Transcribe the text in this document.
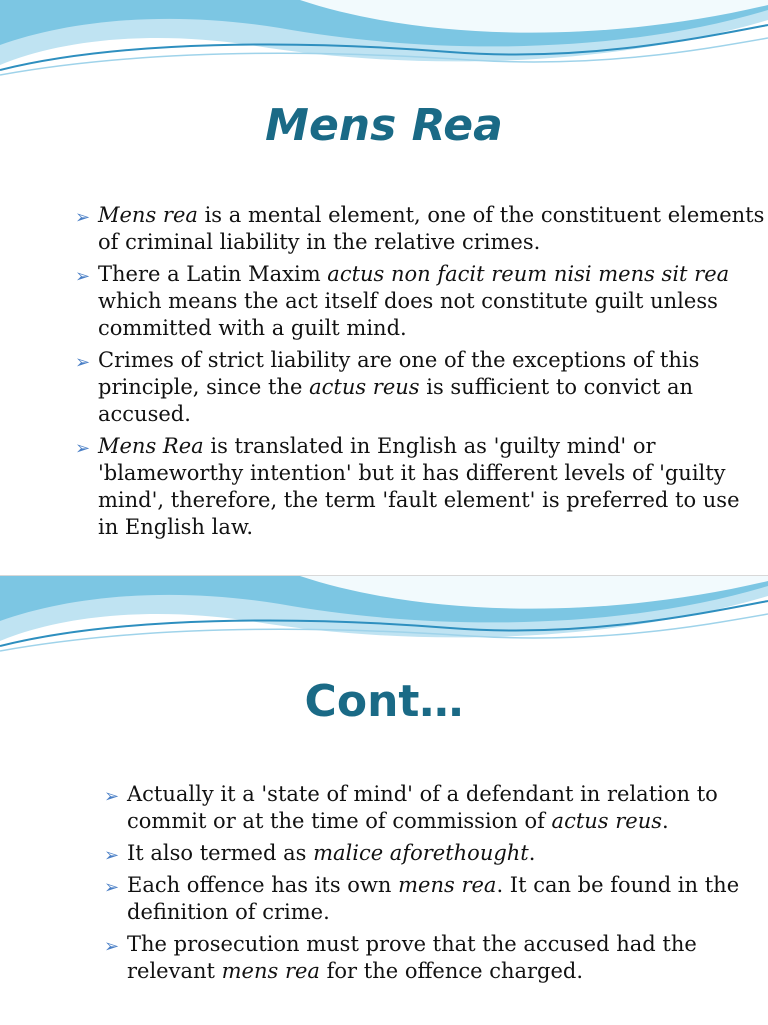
Mens Rea
➢ Mens rea is a mental element, one of the constituent elements of criminal liability in the relative crimes.
➢ There a Latin Maxim actus non facit reum nisi mens sit rea which means the act itself does not constitute guilt unless committed with a guilt mind.
➢ Crimes of strict liability are one of the exceptions of this principle, since the actus reus is sufficient to convict an accused.
➢ Mens Rea is translated in English as 'guilty mind' or 'blameworthy intention' but it has different levels of 'guilty mind', therefore, the term 'fault element' is preferred to use in English law.
Cont…
➢ Actually it a 'state of mind' of a defendant in relation to commit or at the time of commission of actus reus.
➢ It also termed as malice aforethought.
➢ Each offence has its own mens rea. It can be found in the definition of crime.
➢ The prosecution must prove that the accused had the relevant mens rea for the offence charged.
